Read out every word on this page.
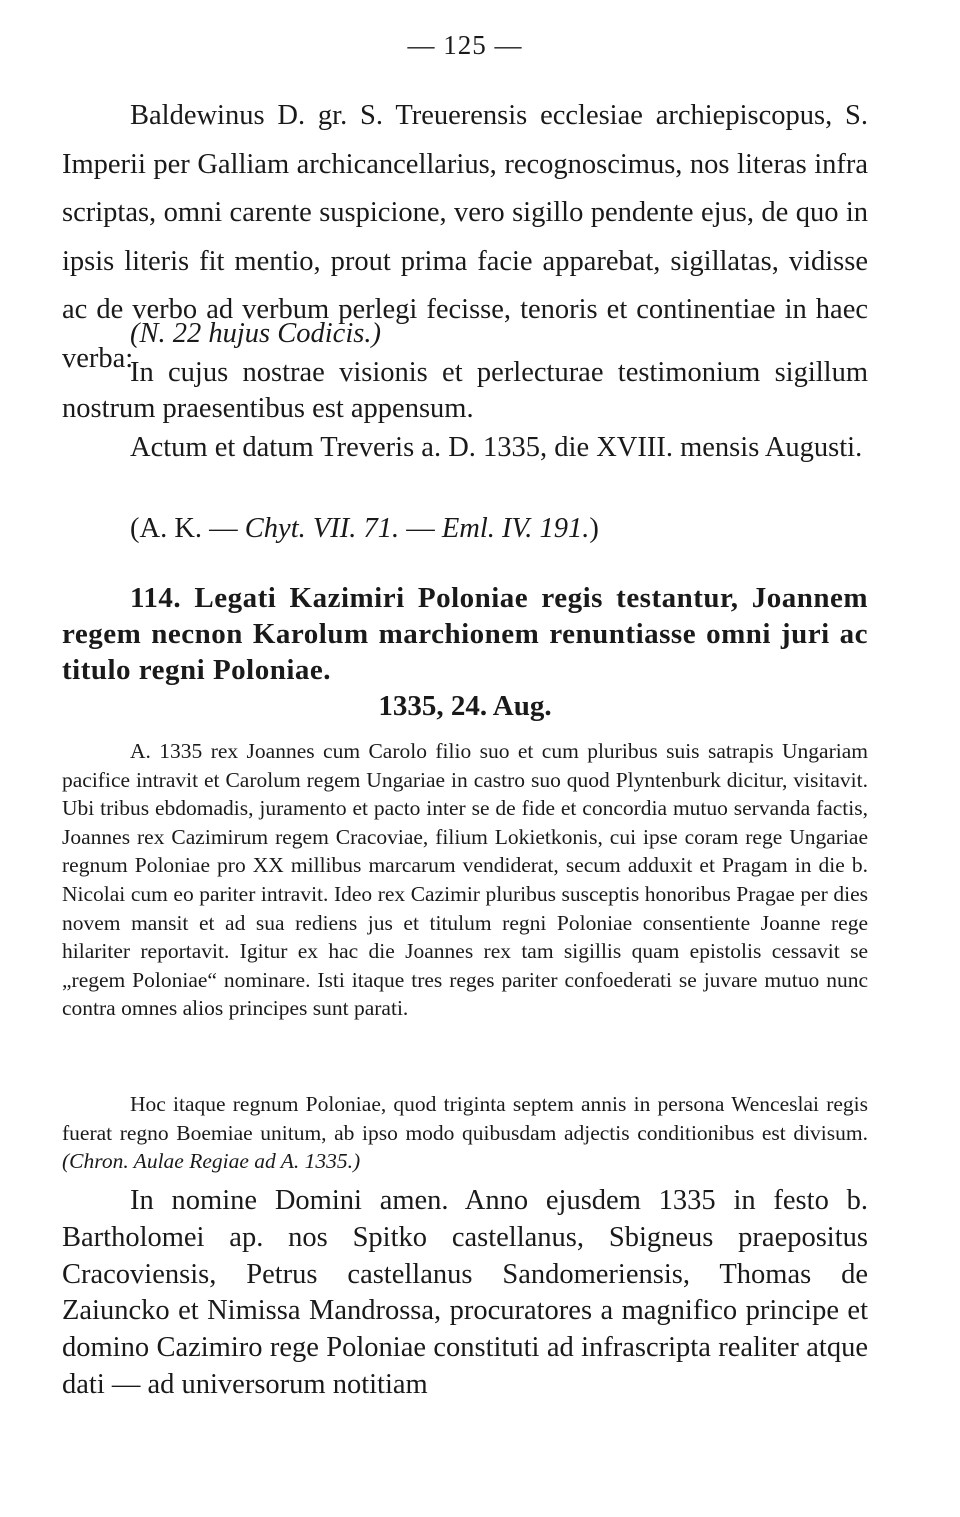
— 125 —

Baldewinus D. gr. S. Treuerensis ecclesiae archiepiscopus, S. Imperii per Galliam archicancellarius, recognoscimus, nos literas infra scriptas, omni carente suspicione, vero sigillo pendente ejus, de quo in ipsis literis fit mentio, prout prima facie apparebat, sigillatas, vidisse ac de verbo ad verbum perlegi fecisse, tenoris et continentiae in haec verba:

(N. 22 hujus Codicis.)

In cujus nostrae visionis et perlecturae testimonium sigillum nostrum praesentibus est appensum.

Actum et datum Treveris a. D. 1335, die XVIII. mensis Augusti.

(A. K. — Chyt. VII. 71. — Eml. IV. 191.)

114. Legati Kazimiri Poloniae regis testantur, Joannem regem necnon Karolum marchionem renuntiasse omni juri ac titulo regni Poloniae.

1335, 24. Aug.

A. 1335 rex Joannes cum Carolo filio suo et cum pluribus suis satrapis Ungariam pacifice intravit et Carolum regem Ungariae in castro suo quod Plyntenburk dicitur, visitavit. Ubi tribus ebdomadis, juramento et pacto inter se de fide et concordia mutuo servanda factis, Joannes rex Cazimirum regem Cracoviae, filium Lokietkonis, cui ipse coram rege Ungariae regnum Poloniae pro XX millibus marcarum vendiderat, secum adduxit et Pragam in die b. Nicolai cum eo pariter intravit. Ideo rex Cazimir pluribus susceptis honoribus Pragae per dies novem mansit et ad sua rediens jus et titulum regni Poloniae consentiente Joanne rege hilariter reportavit. Igitur ex hac die Joannes rex tam sigillis quam epistolis cessavit se „regem Poloniae“ nominare. Isti itaque tres reges pariter confoederati se juvare mutuo nunc contra omnes alios principes sunt parati.

Hoc itaque regnum Poloniae, quod triginta septem annis in persona Wenceslai regis fuerat regno Boemiae unitum, ab ipso modo quibusdam adjectis conditionibus est divisum. (Chron. Aulae Regiae ad A. 1335.)

In nomine Domini amen. Anno ejusdem 1335 in festo b. Bartholomei ap. nos Spitko castellanus, Sbigneus praepositus Cracoviensis, Petrus castellanus Sandomeriensis, Thomas de Zaiuncko et Nimissa Mandrossa, procuratores a magnifico principe et domino Cazimiro rege Poloniae constituti ad infrascripta realiter atque dati — ad universorum notitiam
